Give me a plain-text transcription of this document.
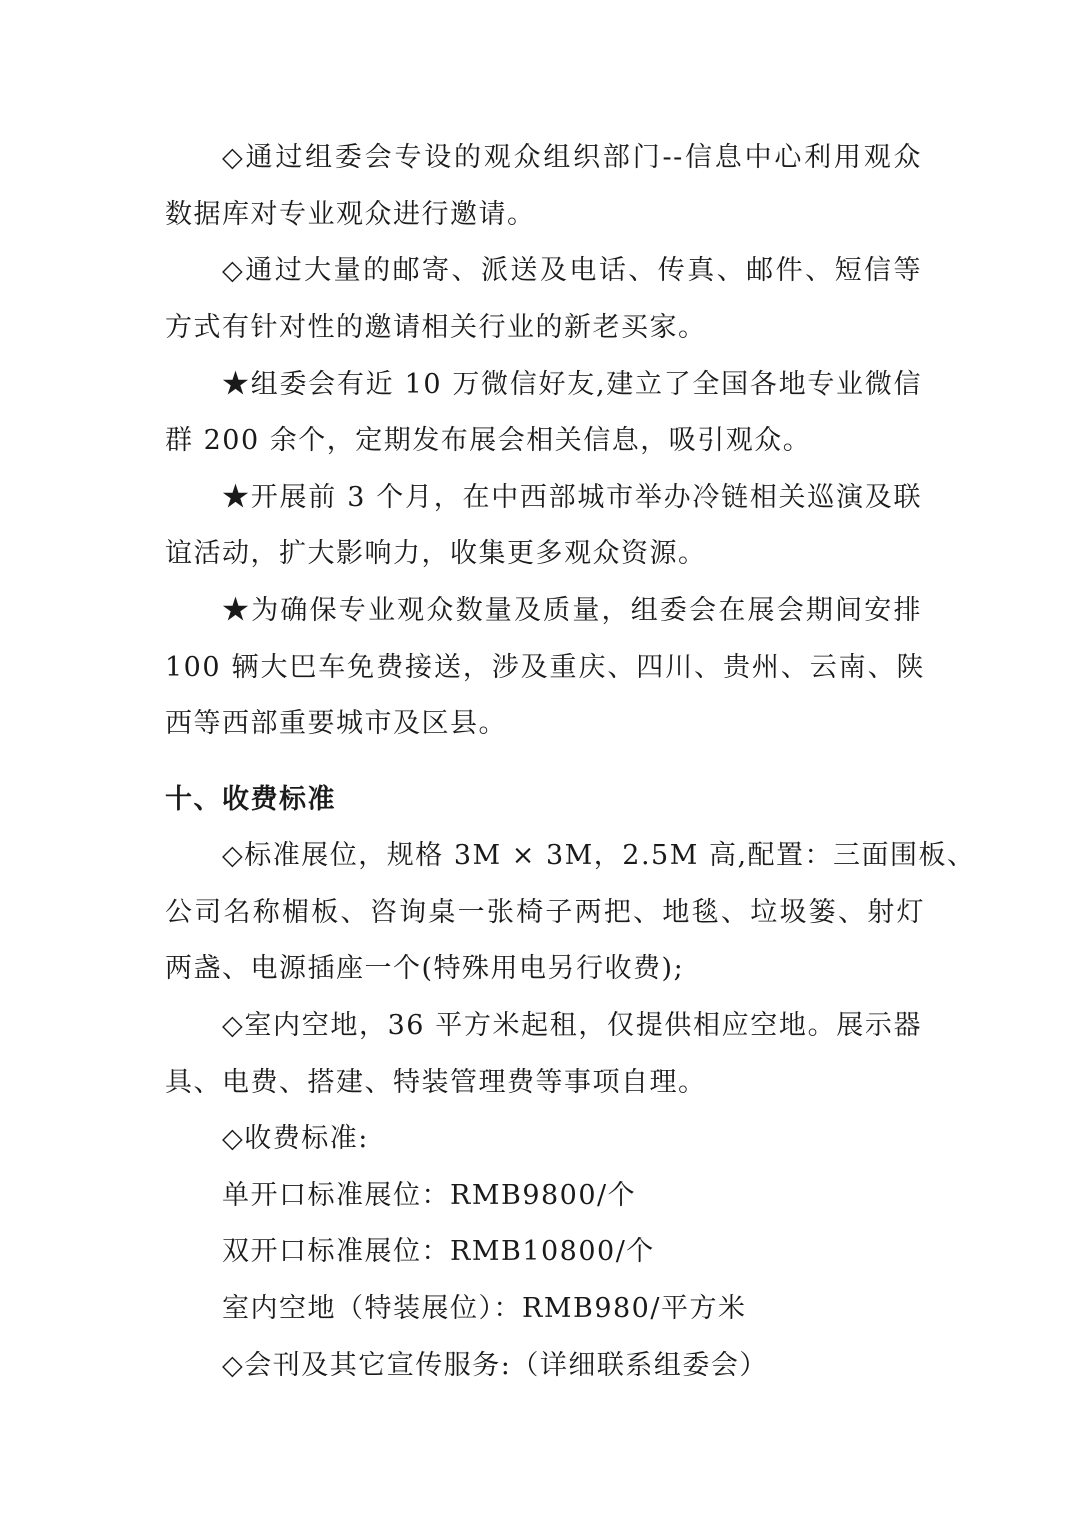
◇通过组委会专设的观众组织部门--信息中心利用观众
数据库对专业观众进行邀请。
◇通过大量的邮寄、派送及电话、传真、邮件、短信等
方式有针对性的邀请相关行业的新老买家。
★组委会有近 10 万微信好友,建立了全国各地专业微信
群 200 余个，定期发布展会相关信息，吸引观众。
★开展前 3 个月，在中西部城市举办冷链相关巡演及联
谊活动，扩大影响力，收集更多观众资源。
★为确保专业观众数量及质量，组委会在展会期间安排
100 辆大巴车免费接送，涉及重庆、四川、贵州、云南、陕
西等西部重要城市及区县。
十、收费标准
◇标准展位，规格 3M × 3M，2.5M 高,配置：三面围板、
公司名称楣板、咨询桌一张椅子两把、地毯、垃圾篓、射灯
两盏、电源插座一个(特殊用电另行收费);
◇室内空地，36 平方米起租，仅提供相应空地。展示器
具、电费、搭建、特装管理费等事项自理。
◇收费标准:
单开口标准展位：RMB9800/个
双开口标准展位：RMB10800/个
室内空地（特装展位）：RMB980/平方米
◇会刊及其它宣传服务:（详细联系组委会）
